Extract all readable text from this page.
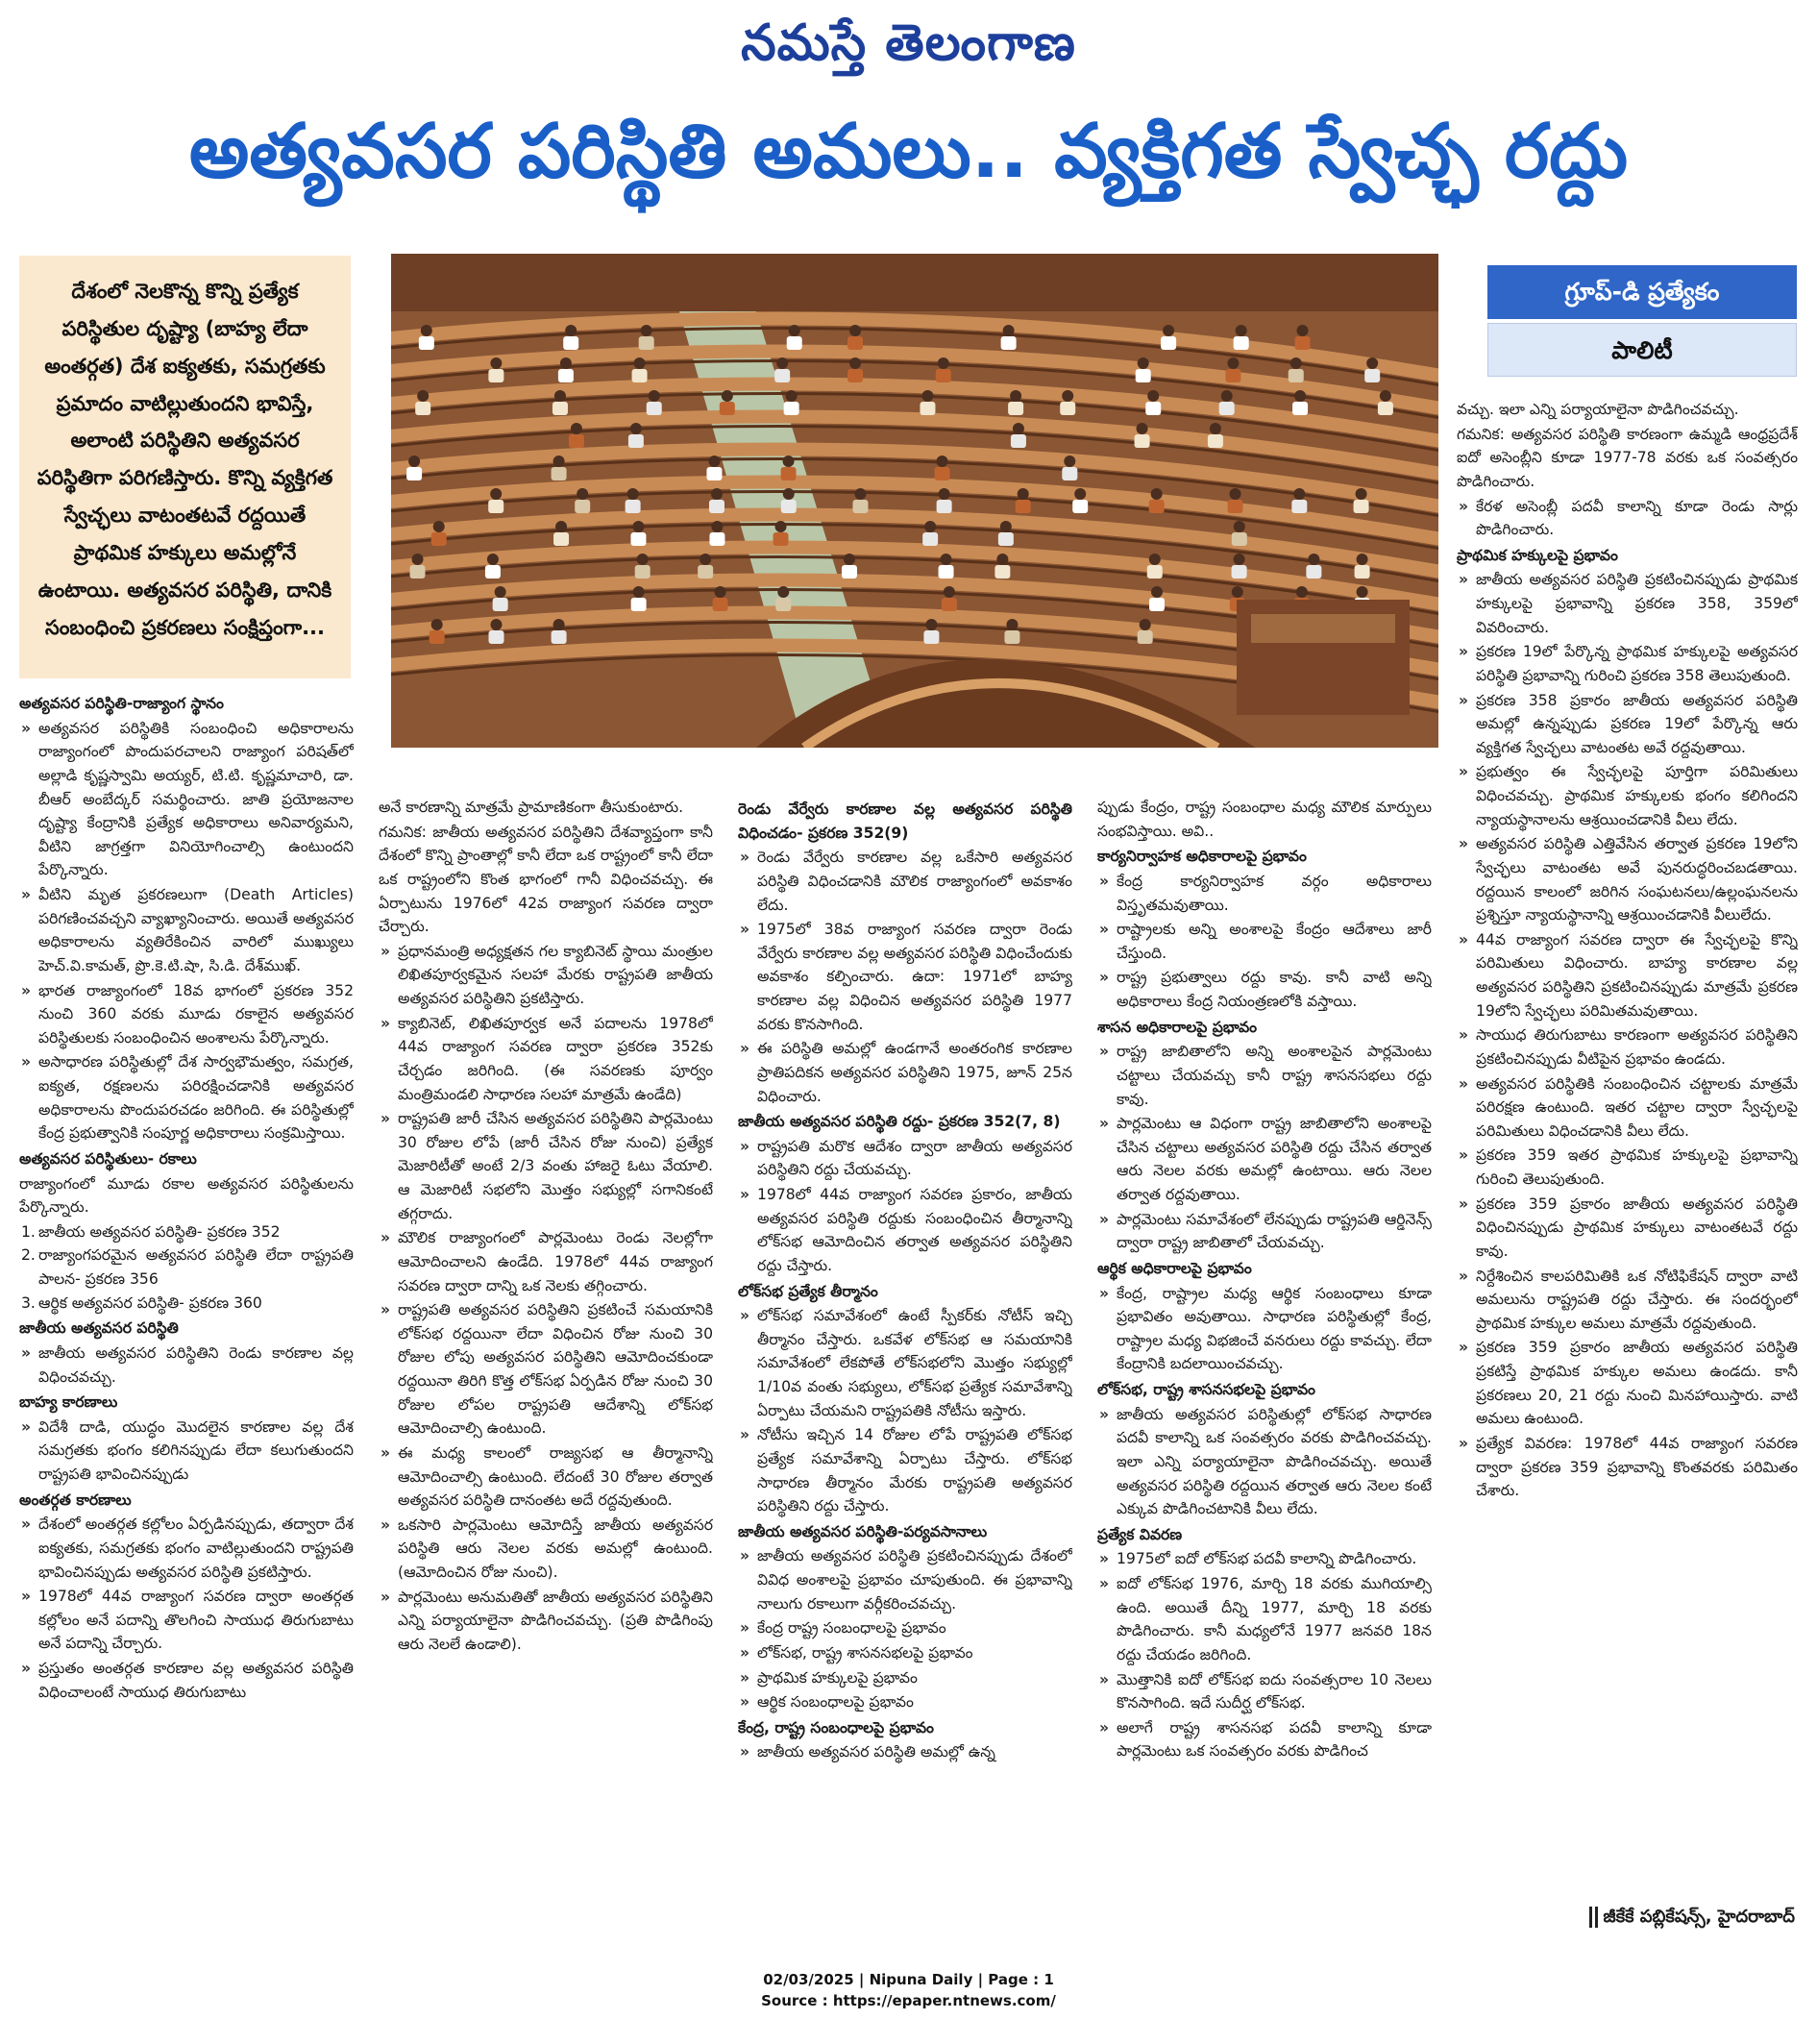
నమస్తే తెలంగాణ
అత్యవసర పరిస్థితి అమలు.. వ్యక్తిగత స్వేచ్ఛ రద్దు
దేశంలో నెలకొన్న కొన్ని ప్రత్యేక పరిస్థితుల దృష్ట్యా (బాహ్య లేదా అంతర్గత) దేశ ఐక్యతకు, సమగ్రతకు ప్రమాదం వాటిల్లుతుందని భావిస్తే, అలాంటి పరిస్థితిని అత్యవసర పరిస్థితిగా పరిగణిస్తారు. కొన్ని వ్యక్తిగత స్వేచ్ఛలు వాటంతటవే రద్దయితే ప్రాథమిక హక్కులు అమల్లోనే ఉంటాయి. అత్యవసర పరిస్థితి, దానికి సంబంధించి ప్రకరణలు సంక్షిప్తంగా...
గ్రూప్-డి ప్రత్యేకం
పాలిటీ

అత్యవసర పరిస్థితి-రాజ్యాంగ స్థానం

» అత్యవసర పరిస్థితికి సంబంధించి అధికారాలను రాజ్యాంగంలో పొందుపరచాలని రాజ్యాంగ పరిషత్‌లో అల్లాడి కృష్ణస్వామి అయ్యర్, టి.టి. కృష్ణమాచారి, డా. బీఆర్ అంబేద్కర్ సమర్థించారు. జాతి ప్రయోజనాల దృష్ట్యా కేంద్రానికి ప్రత్యేక అధికారాలు అనివార్యమని, వీటిని జాగ్రత్తగా వినియోగించాల్సి ఉంటుందని పేర్కొన్నారు.

» వీటిని మృత ప్రకరణలుగా (Death Articles) పరిగణించవచ్చని వ్యాఖ్యానించారు. అయితే అత్యవసర అధికారాలను వ్యతిరేకించిన వారిలో ముఖ్యులు హెచ్.వి.కామత్, ప్రొ.కె.టి.షా, సి.డి. దేశ్‌ముఖ్.

» భారత రాజ్యాంగంలో 18వ భాగంలో ప్రకరణ 352 నుంచి 360 వరకు మూడు రకాలైన అత్యవసర పరిస్థితులకు సంబంధించిన అంశాలను పేర్కొన్నారు.

» అసాధారణ పరిస్థితుల్లో దేశ సార్వభౌమత్వం, సమగ్రత, ఐక్యత, రక్షణలను పరిరక్షించడానికి అత్యవసర అధికారాలను పొందుపరచడం జరిగింది. ఈ పరిస్థితుల్లో కేంద్ర ప్రభుత్వానికి సంపూర్ణ అధికారాలు సంక్రమిస్తాయి.

అత్యవసర పరిస్థితులు- రకాలు

రాజ్యాంగంలో మూడు రకాల అత్యవసర పరిస్థితులను పేర్కొన్నారు.

1. జాతీయ అత్యవసర పరిస్థితి- ప్రకరణ 352

2. రాజ్యాంగపరమైన అత్యవసర పరిస్థితి లేదా రాష్ట్రపతి పాలన- ప్రకరణ 356

3. ఆర్థిక అత్యవసర పరిస్థితి- ప్రకరణ 360

జాతీయ అత్యవసర పరిస్థితి

» జాతీయ అత్యవసర పరిస్థితిని రెండు కారణాల వల్ల విధించవచ్చు.

బాహ్య కారణాలు

» విదేశీ దాడి, యుద్ధం మొదలైన కారణాల వల్ల దేశ సమగ్రతకు భంగం కలిగినప్పుడు లేదా కలుగుతుందని రాష్ట్రపతి భావించినప్పుడు

అంతర్గత కారణాలు

» దేశంలో అంతర్గత కల్లోలం ఏర్పడినప్పుడు, తద్వారా దేశ ఐక్యతకు, సమగ్రతకు భంగం వాటిల్లుతుందని రాష్ట్రపతి భావించినప్పుడు అత్యవసర పరిస్థితి ప్రకటిస్తారు.

» 1978లో 44వ రాజ్యాంగ సవరణ ద్వారా అంతర్గత కల్లోలం అనే పదాన్ని తొలగించి సాయుధ తిరుగుబాటు అనే పదాన్ని చేర్చారు.

» ప్రస్తుతం అంతర్గత కారణాల వల్ల అత్యవసర పరిస్థితి విధించాలంటే సాయుధ తిరుగుబాటు

అనే కారణాన్ని మాత్రమే ప్రామాణికంగా తీసుకుంటారు.

గమనిక: జాతీయ అత్యవసర పరిస్థితిని దేశవ్యాప్తంగా కానీ దేశంలో కొన్ని ప్రాంతాల్లో కానీ లేదా ఒక రాష్ట్రంలో కానీ లేదా ఒక రాష్ట్రంలోని కొంత భాగంలో గానీ విధించవచ్చు. ఈ ఏర్పాటును 1976లో 42వ రాజ్యాంగ సవరణ ద్వారా చేర్చారు.

» ప్రధానమంత్రి అధ్యక్షతన గల క్యాబినెట్ స్థాయి మంత్రుల లిఖితపూర్వకమైన సలహా మేరకు రాష్ట్రపతి జాతీయ అత్యవసర పరిస్థితిని ప్రకటిస్తారు.

» క్యాబినెట్, లిఖితపూర్వక అనే పదాలను 1978లో 44వ రాజ్యాంగ సవరణ ద్వారా ప్రకరణ 352కు చేర్చడం జరిగింది. (ఈ సవరణకు పూర్వం మంత్రిమండలి సాధారణ సలహా మాత్రమే ఉండేది)

» రాష్ట్రపతి జారీ చేసిన అత్యవసర పరిస్థితిని పార్లమెంటు 30 రోజుల లోపే (జారీ చేసిన రోజు నుంచి) ప్రత్యేక మెజారిటీతో అంటే 2/3 వంతు హాజరై ఓటు వేయాలి. ఆ మెజారిటీ సభలోని మొత్తం సభ్యుల్లో సగానికంటే తగ్గరాదు.

» మౌలిక రాజ్యాంగంలో పార్లమెంటు రెండు నెలల్లోగా ఆమోదించాలని ఉండేది. 1978లో 44వ రాజ్యాంగ సవరణ ద్వారా దాన్ని ఒక నెలకు తగ్గించారు.

» రాష్ట్రపతి అత్యవసర పరిస్థితిని ప్రకటించే సమయానికి లోక్‌సభ రద్దయినా లేదా విధించిన రోజు నుంచి 30 రోజుల లోపు అత్యవసర పరిస్థితిని ఆమోదించకుండా రద్దయినా తిరిగి కొత్త లోక్‌సభ ఏర్పడిన రోజు నుంచి 30 రోజుల లోపల రాష్ట్రపతి ఆదేశాన్ని లోక్‌సభ ఆమోదించాల్సి ఉంటుంది.

» ఈ మధ్య కాలంలో రాజ్యసభ ఆ తీర్మానాన్ని ఆమోదించాల్సి ఉంటుంది. లేదంటే 30 రోజుల తర్వాత అత్యవసర పరిస్థితి దానంతట అదే రద్దవుతుంది.

» ఒకసారి పార్లమెంటు ఆమోదిస్తే జాతీయ అత్యవసర పరిస్థితి ఆరు నెలల వరకు అమల్లో ఉంటుంది. (ఆమోదించిన రోజు నుంచి).

» పార్లమెంటు అనుమతితో జాతీయ అత్యవసర పరిస్థితిని ఎన్ని పర్యాయాలైనా పొడిగించవచ్చు. (ప్రతి పొడిగింపు ఆరు నెలలే ఉండాలి).

రెండు వేర్వేరు కారణాల వల్ల అత్యవసర పరిస్థితి విధించడం- ప్రకరణ 352(9)

» రెండు వేర్వేరు కారణాల వల్ల ఒకేసారి అత్యవసర పరిస్థితి విధించడానికి మౌలిక రాజ్యాంగంలో అవకాశం లేదు.

» 1975లో 38వ రాజ్యాంగ సవరణ ద్వారా రెండు వేర్వేరు కారణాల వల్ల అత్యవసర పరిస్థితి విధించేందుకు అవకాశం కల్పించారు. ఉదా: 1971లో బాహ్య కారణాల వల్ల విధించిన అత్యవసర పరిస్థితి 1977 వరకు కొనసాగింది.

» ఈ పరిస్థితి అమల్లో ఉండగానే అంతరంగిక కారణాల ప్రాతిపదికన అత్యవసర పరిస్థితిని 1975, జూన్ 25న విధించారు.

జాతీయ అత్యవసర పరిస్థితి రద్దు- ప్రకరణ 352(7, 8)

» రాష్ట్రపతి మరొక ఆదేశం ద్వారా జాతీయ అత్యవసర పరిస్థితిని రద్దు చేయవచ్చు.

» 1978లో 44వ రాజ్యాంగ సవరణ ప్రకారం, జాతీయ అత్యవసర పరిస్థితి రద్దుకు సంబంధించిన తీర్మానాన్ని లోక్‌సభ ఆమోదించిన తర్వాత అత్యవసర పరిస్థితిని రద్దు చేస్తారు.

లోక్‌సభ ప్రత్యేక తీర్మానం

» లోక్‌సభ సమావేశంలో ఉంటే స్పీకర్‌కు నోటీస్ ఇచ్చి తీర్మానం చేస్తారు. ఒకవేళ లోక్‌సభ ఆ సమయానికి సమావేశంలో లేకపోతే లోక్‌సభలోని మొత్తం సభ్యుల్లో 1/10వ వంతు సభ్యులు, లోక్‌సభ ప్రత్యేక సమావేశాన్ని ఏర్పాటు చేయమని రాష్ట్రపతికి నోటీసు ఇస్తారు.

» నోటీసు ఇచ్చిన 14 రోజుల లోపే రాష్ట్రపతి లోక్‌సభ ప్రత్యేక సమావేశాన్ని ఏర్పాటు చేస్తారు. లోక్‌సభ సాధారణ తీర్మానం మేరకు రాష్ట్రపతి అత్యవసర పరిస్థితిని రద్దు చేస్తారు.

జాతీయ అత్యవసర పరిస్థితి-పర్యవసానాలు

» జాతీయ అత్యవసర పరిస్థితి ప్రకటించినప్పుడు దేశంలో వివిధ అంశాలపై ప్రభావం చూపుతుంది. ఈ ప్రభావాన్ని నాలుగు రకాలుగా వర్గీకరించవచ్చు.

» కేంద్ర రాష్ట్ర సంబంధాలపై ప్రభావం

» లోక్‌సభ, రాష్ట్ర శాసనసభలపై ప్రభావం

» ప్రాథమిక హక్కులపై ప్రభావం

» ఆర్థిక సంబంధాలపై ప్రభావం

కేంద్ర, రాష్ట్ర సంబంధాలపై ప్రభావం

» జాతీయ అత్యవసర పరిస్థితి అమల్లో ఉన్న

ప్పుడు కేంద్రం, రాష్ట్ర సంబంధాల మధ్య మౌలిక మార్పులు సంభవిస్తాయి. అవి..

కార్యనిర్వాహక అధికారాలపై ప్రభావం

» కేంద్ర కార్యనిర్వాహక వర్గం అధికారాలు విస్తృతమవుతాయి.

» రాష్ట్రాలకు అన్ని అంశాలపై కేంద్రం ఆదేశాలు జారీ చేస్తుంది.

» రాష్ట్ర ప్రభుత్వాలు రద్దు కావు. కానీ వాటి అన్ని అధికారాలు కేంద్ర నియంత్రణలోకి వస్తాయి.

శాసన అధికారాలపై ప్రభావం

» రాష్ట్ర జాబితాలోని అన్ని అంశాలపైన పార్లమెంటు చట్టాలు చేయవచ్చు కానీ రాష్ట్ర శాసనసభలు రద్దు కావు.

» పార్లమెంటు ఆ విధంగా రాష్ట్ర జాబితాలోని అంశాలపై చేసిన చట్టాలు అత్యవసర పరిస్థితి రద్దు చేసిన తర్వాత ఆరు నెలల వరకు అమల్లో ఉంటాయి. ఆరు నెలల తర్వాత రద్దవుతాయి.

» పార్లమెంటు సమావేశంలో లేనప్పుడు రాష్ట్రపతి ఆర్డినెన్స్ ద్వారా రాష్ట్ర జాబితాలో చేయవచ్చు.

ఆర్థిక అధికారాలపై ప్రభావం

» కేంద్ర, రాష్ట్రాల మధ్య ఆర్థిక సంబంధాలు కూడా ప్రభావితం అవుతాయి. సాధారణ పరిస్థితుల్లో కేంద్ర, రాష్ట్రాల మధ్య విభజించే వనరులు రద్దు కావచ్చు. లేదా కేంద్రానికి బదలాయించవచ్చు.

లోక్‌సభ, రాష్ట్ర శాసనసభలపై ప్రభావం

» జాతీయ అత్యవసర పరిస్థితుల్లో లోక్‌సభ సాధారణ పదవీ కాలాన్ని ఒక సంవత్సరం వరకు పొడిగించవచ్చు. ఇలా ఎన్ని పర్యాయాలైనా పొడిగించవచ్చు. అయితే అత్యవసర పరిస్థితి రద్దయిన తర్వాత ఆరు నెలల కంటే ఎక్కువ పొడిగించటానికి వీలు లేదు.

ప్రత్యేక వివరణ

» 1975లో ఐదో లోక్‌సభ పదవీ కాలాన్ని పొడిగించారు.

» ఐదో లోక్‌సభ 1976, మార్చి 18 వరకు ముగియాల్సి ఉంది. అయితే దీన్ని 1977, మార్చి 18 వరకు పొడిగించారు. కానీ మధ్యలోనే 1977 జనవరి 18న రద్దు చేయడం జరిగింది.

» మొత్తానికి ఐదో లోక్‌సభ ఐదు సంవత్సరాల 10 నెలలు కొనసాగింది. ఇదే సుదీర్ఘ లోక్‌సభ.

» అలాగే రాష్ట్ర శాసనసభ పదవీ కాలాన్ని కూడా పార్లమెంటు ఒక సంవత్సరం వరకు పొడిగించ

వచ్చు. ఇలా ఎన్ని పర్యాయాలైనా పొడిగించవచ్చు.

గమనిక: అత్యవసర పరిస్థితి కారణంగా ఉమ్మడి ఆంధ్రప్రదేశ్ ఐదో అసెంబ్లీని కూడా 1977-78 వరకు ఒక సంవత్సరం పొడిగించారు.

» కేరళ అసెంబ్లీ పదవీ కాలాన్ని కూడా రెండు సార్లు పొడిగించారు.

ప్రాథమిక హక్కులపై ప్రభావం

» జాతీయ అత్యవసర పరిస్థితి ప్రకటించినప్పుడు ప్రాథమిక హక్కులపై ప్రభావాన్ని ప్రకరణ 358, 359లో వివరించారు.

» ప్రకరణ 19లో పేర్కొన్న ప్రాథమిక హక్కులపై అత్యవసర పరిస్థితి ప్రభావాన్ని గురించి ప్రకరణ 358 తెలుపుతుంది.

» ప్రకరణ 358 ప్రకారం జాతీయ అత్యవసర పరిస్థితి అమల్లో ఉన్నప్పుడు ప్రకరణ 19లో పేర్కొన్న ఆరు వ్యక్తిగత స్వేచ్ఛలు వాటంతట అవే రద్దవుతాయి.

» ప్రభుత్వం ఈ స్వేచ్ఛలపై పూర్తిగా పరిమితులు విధించవచ్చు. ప్రాథమిక హక్కులకు భంగం కలిగిందని న్యాయస్థానాలను ఆశ్రయించడానికి వీలు లేదు.

» అత్యవసర పరిస్థితి ఎత్తివేసిన తర్వాత ప్రకరణ 19లోని స్వేచ్ఛలు వాటంతట అవే పునరుద్ధరించబడతాయి. రద్దయిన కాలంలో జరిగిన సంఘటనలు/ఉల్లంఘనలను ప్రశ్నిస్తూ న్యాయస్థానాన్ని ఆశ్రయించడానికి వీలులేదు.

» 44వ రాజ్యాంగ సవరణ ద్వారా ఈ స్వేచ్ఛలపై కొన్ని పరిమితులు విధించారు. బాహ్య కారణాల వల్ల అత్యవసర పరిస్థితిని ప్రకటించినప్పుడు మాత్రమే ప్రకరణ 19లోని స్వేచ్ఛలు పరిమితమవుతాయి.

» సాయుధ తిరుగుబాటు కారణంగా అత్యవసర పరిస్థితిని ప్రకటించినప్పుడు వీటిపైన ప్రభావం ఉండదు.

» అత్యవసర పరిస్థితికి సంబంధించిన చట్టాలకు మాత్రమే పరిరక్షణ ఉంటుంది. ఇతర చట్టాల ద్వారా స్వేచ్ఛలపై పరిమితులు విధించడానికి వీలు లేదు.

» ప్రకరణ 359 ఇతర ప్రాథమిక హక్కులపై ప్రభావాన్ని గురించి తెలుపుతుంది.

» ప్రకరణ 359 ప్రకారం జాతీయ అత్యవసర పరిస్థితి విధించినప్పుడు ప్రాథమిక హక్కులు వాటంతటవే రద్దు కావు.

» నిర్దేశించిన కాలపరిమితికి ఒక నోటిఫికేషన్ ద్వారా వాటి అమలును రాష్ట్రపతి రద్దు చేస్తారు. ఈ సందర్భంలో ప్రాథమిక హక్కుల అమలు మాత్రమే రద్దవుతుంది.

» ప్రకరణ 359 ప్రకారం జాతీయ అత్యవసర పరిస్థితి ప్రకటిస్తే ప్రాథమిక హక్కుల అమలు ఉండదు. కానీ ప్రకరణలు 20, 21 రద్దు నుంచి మినహాయిస్తారు. వాటి అమలు ఉంటుంది.

» ప్రత్యేక వివరణ: 1978లో 44వ రాజ్యాంగ సవరణ ద్వారా ప్రకరణ 359 ప్రభావాన్ని కొంతవరకు పరిమితం చేశారు.

జీకేకే పబ్లికేషన్స్, హైదరాబాద్
02/03/2025 | Nipuna Daily | Page : 1
Source : https://epaper.ntnews.com/
